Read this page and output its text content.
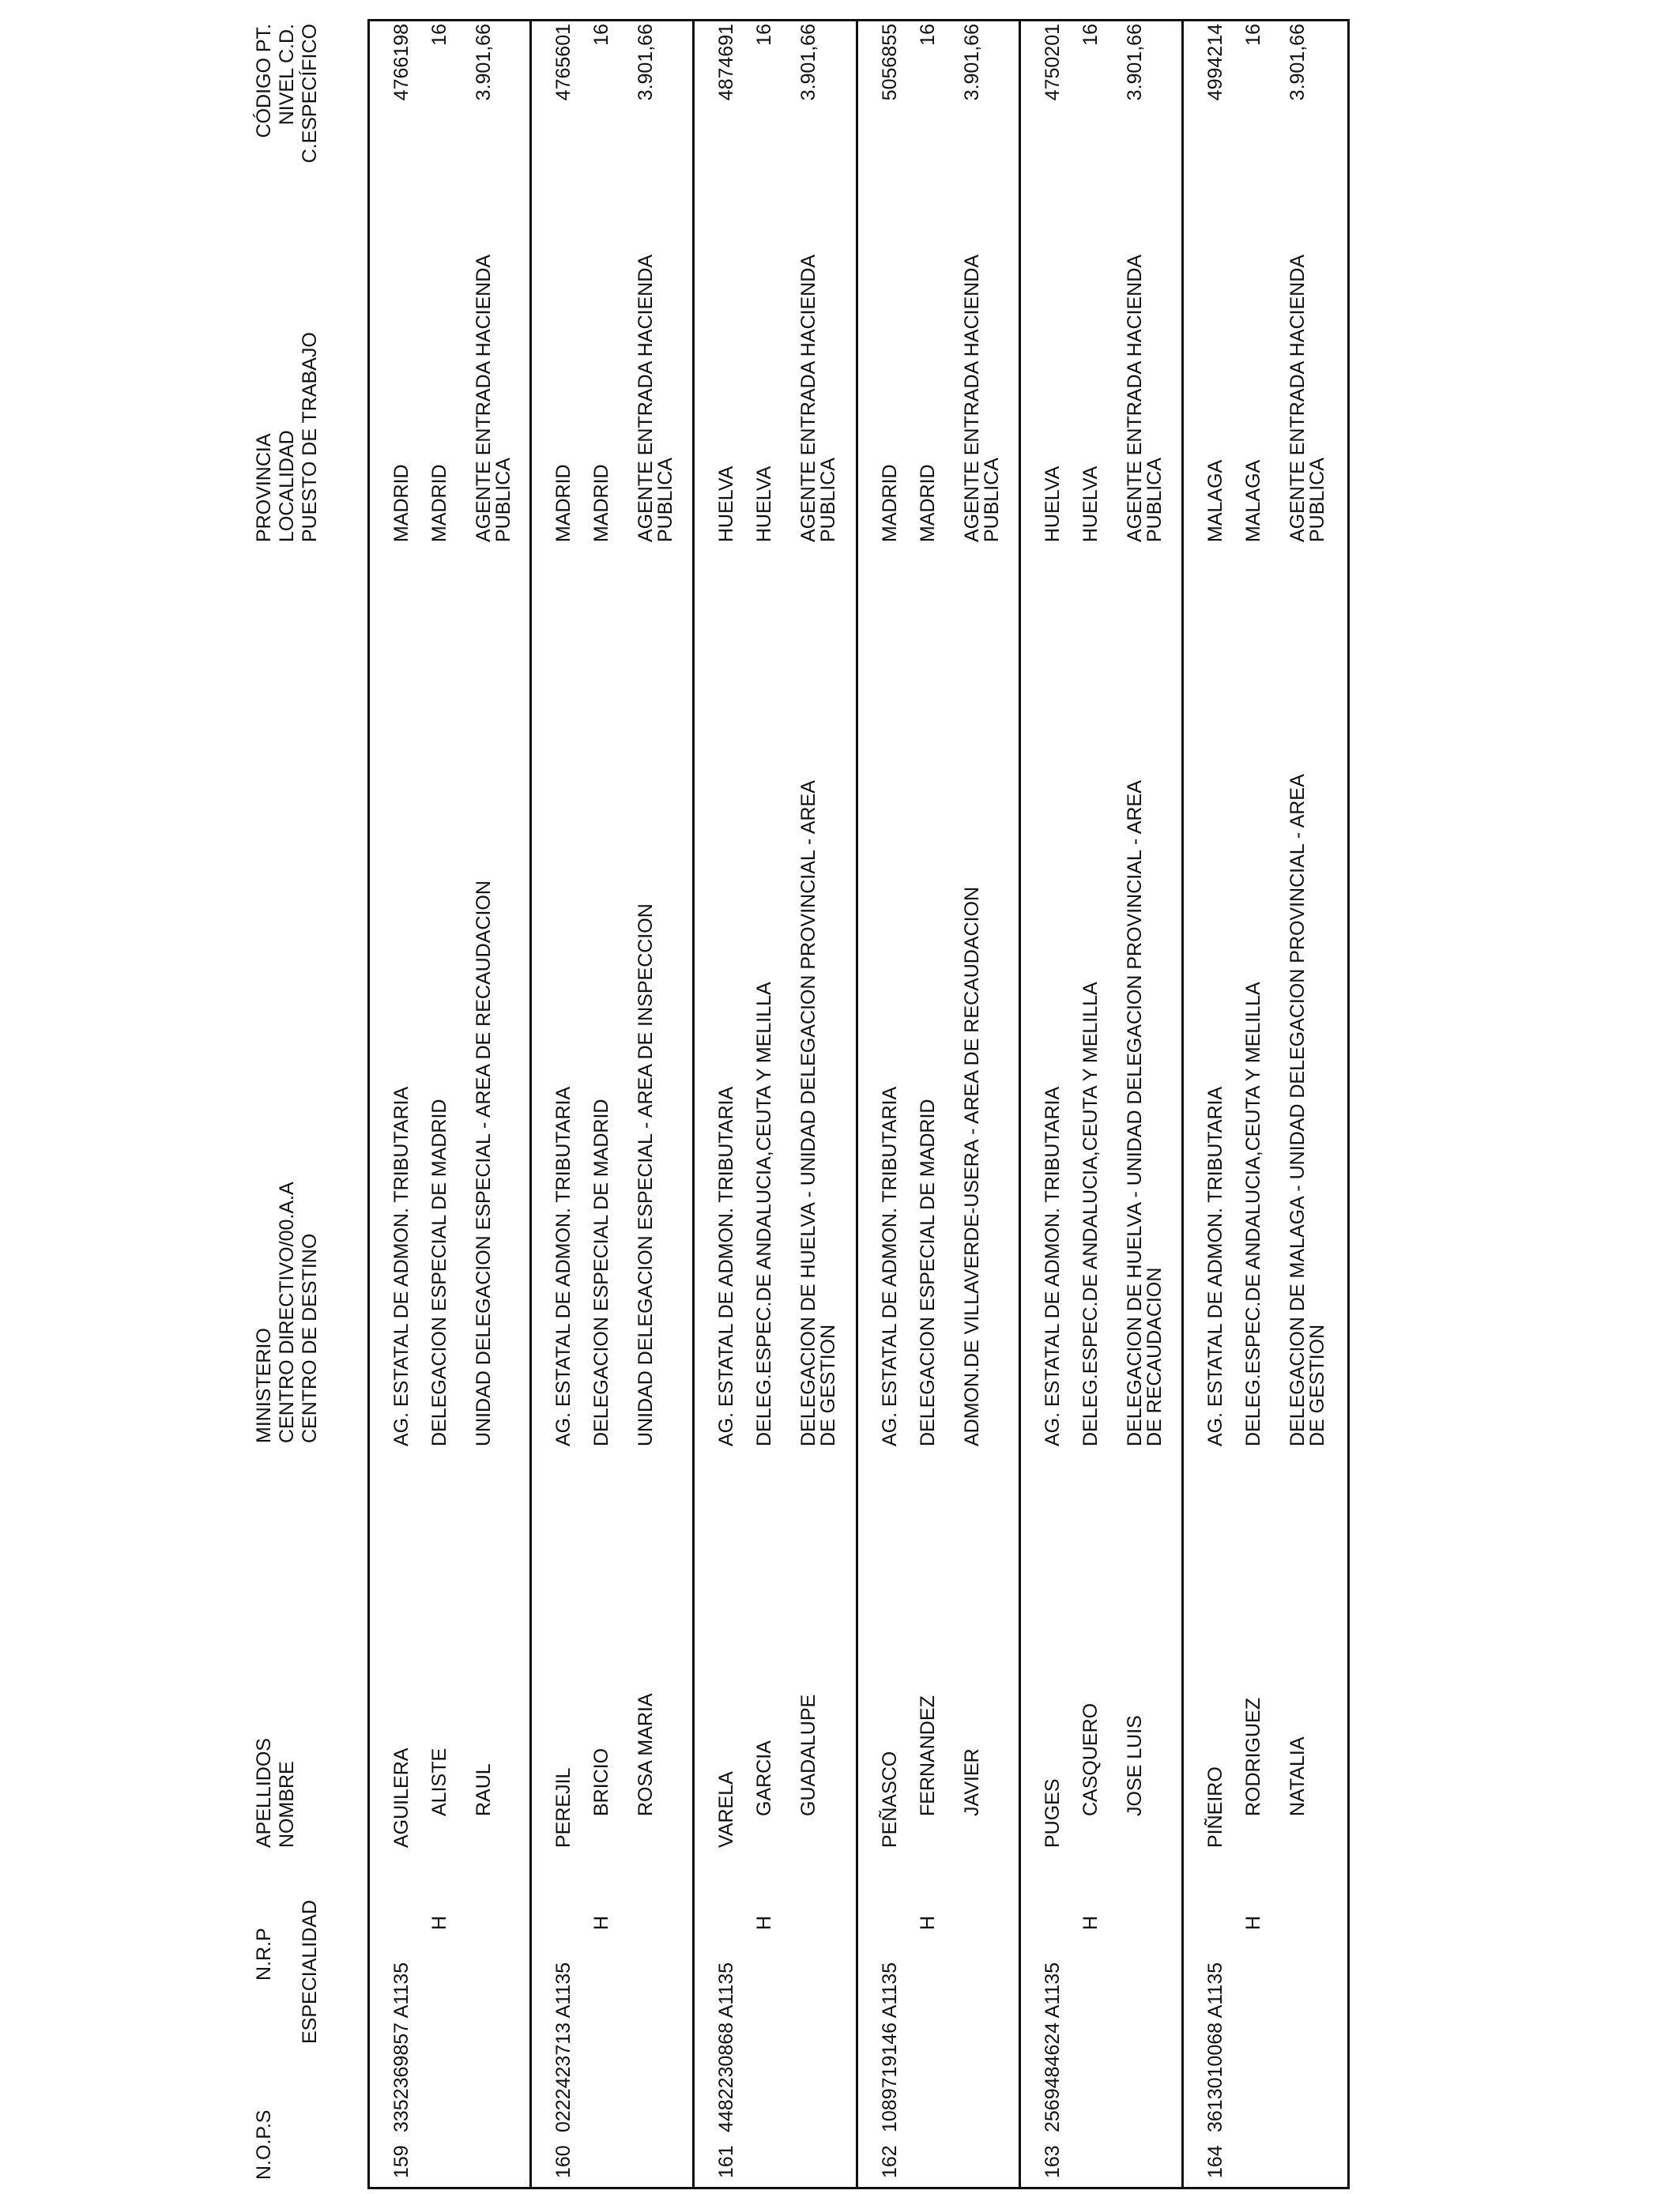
N.O.P.S
N.R.P ESPECIALIDAD
APELLIDOS NOMBRE
MINISTERIO CENTRO DIRECTIVO/00.A.A CENTRO DE DESTINO
PROVINCIA LOCALIDAD PUESTO DE TRABAJO
CÓDIGO PT. NIVEL C.D. C.ESPECÍFICO
159
3352369857 A1135
H
AGUILERA ALISTE RAUL
AG. ESTATAL DE ADMON. TRIBUTARIA DELEGACION ESPECIAL DE MADRID UNIDAD DELEGACION ESPECIAL - AREA DE RECAUDACION
MADRID MADRID AGENTE ENTRADA HACIENDA PUBLICA
4766198 16 3.901,66
160
0222423713 A1135
H
PEREJIL BRICIO ROSA MARIA
AG. ESTATAL DE ADMON. TRIBUTARIA DELEGACION ESPECIAL DE MADRID UNIDAD DELEGACION ESPECIAL - AREA DE INSPECCION
MADRID MADRID AGENTE ENTRADA HACIENDA PUBLICA
4765601 16 3.901,66
161
4482230868 A1135
H
VARELA GARCIA GUADALUPE
AG. ESTATAL DE ADMON. TRIBUTARIA DELEG.ESPEC.DE ANDALUCIA,CEUTA Y MELILLA DELEGACION DE HUELVA - UNIDAD DELEGACION PROVINCIAL - AREA DE GESTION
HUELVA HUELVA AGENTE ENTRADA HACIENDA PUBLICA
4874691 16 3.901,66
162
1089719146 A1135
H
PEÑASCO FERNANDEZ JAVIER
AG. ESTATAL DE ADMON. TRIBUTARIA DELEGACION ESPECIAL DE MADRID ADMON.DE VILLAVERDE-USERA - AREA DE RECAUDACION
MADRID MADRID AGENTE ENTRADA HACIENDA PUBLICA
5056855 16 3.901,66
163
2569484624 A1135
H
PUGES CASQUERO JOSE LUIS
AG. ESTATAL DE ADMON. TRIBUTARIA DELEG.ESPEC.DE ANDALUCIA,CEUTA Y MELILLA DELEGACION DE HUELVA - UNIDAD DELEGACION PROVINCIAL - AREA DE RECAUDACION
HUELVA HUELVA AGENTE ENTRADA HACIENDA PUBLICA
4750201 16 3.901,66
164
3613010068 A1135
H
PIÑEIRO RODRIGUEZ NATALIA
AG. ESTATAL DE ADMON. TRIBUTARIA DELEG.ESPEC.DE ANDALUCIA,CEUTA Y MELILLA DELEGACION DE MALAGA - UNIDAD DELEGACION PROVINCIAL - AREA DE GESTION
MALAGA MALAGA AGENTE ENTRADA HACIENDA PUBLICA
4994214 16 3.901,66
